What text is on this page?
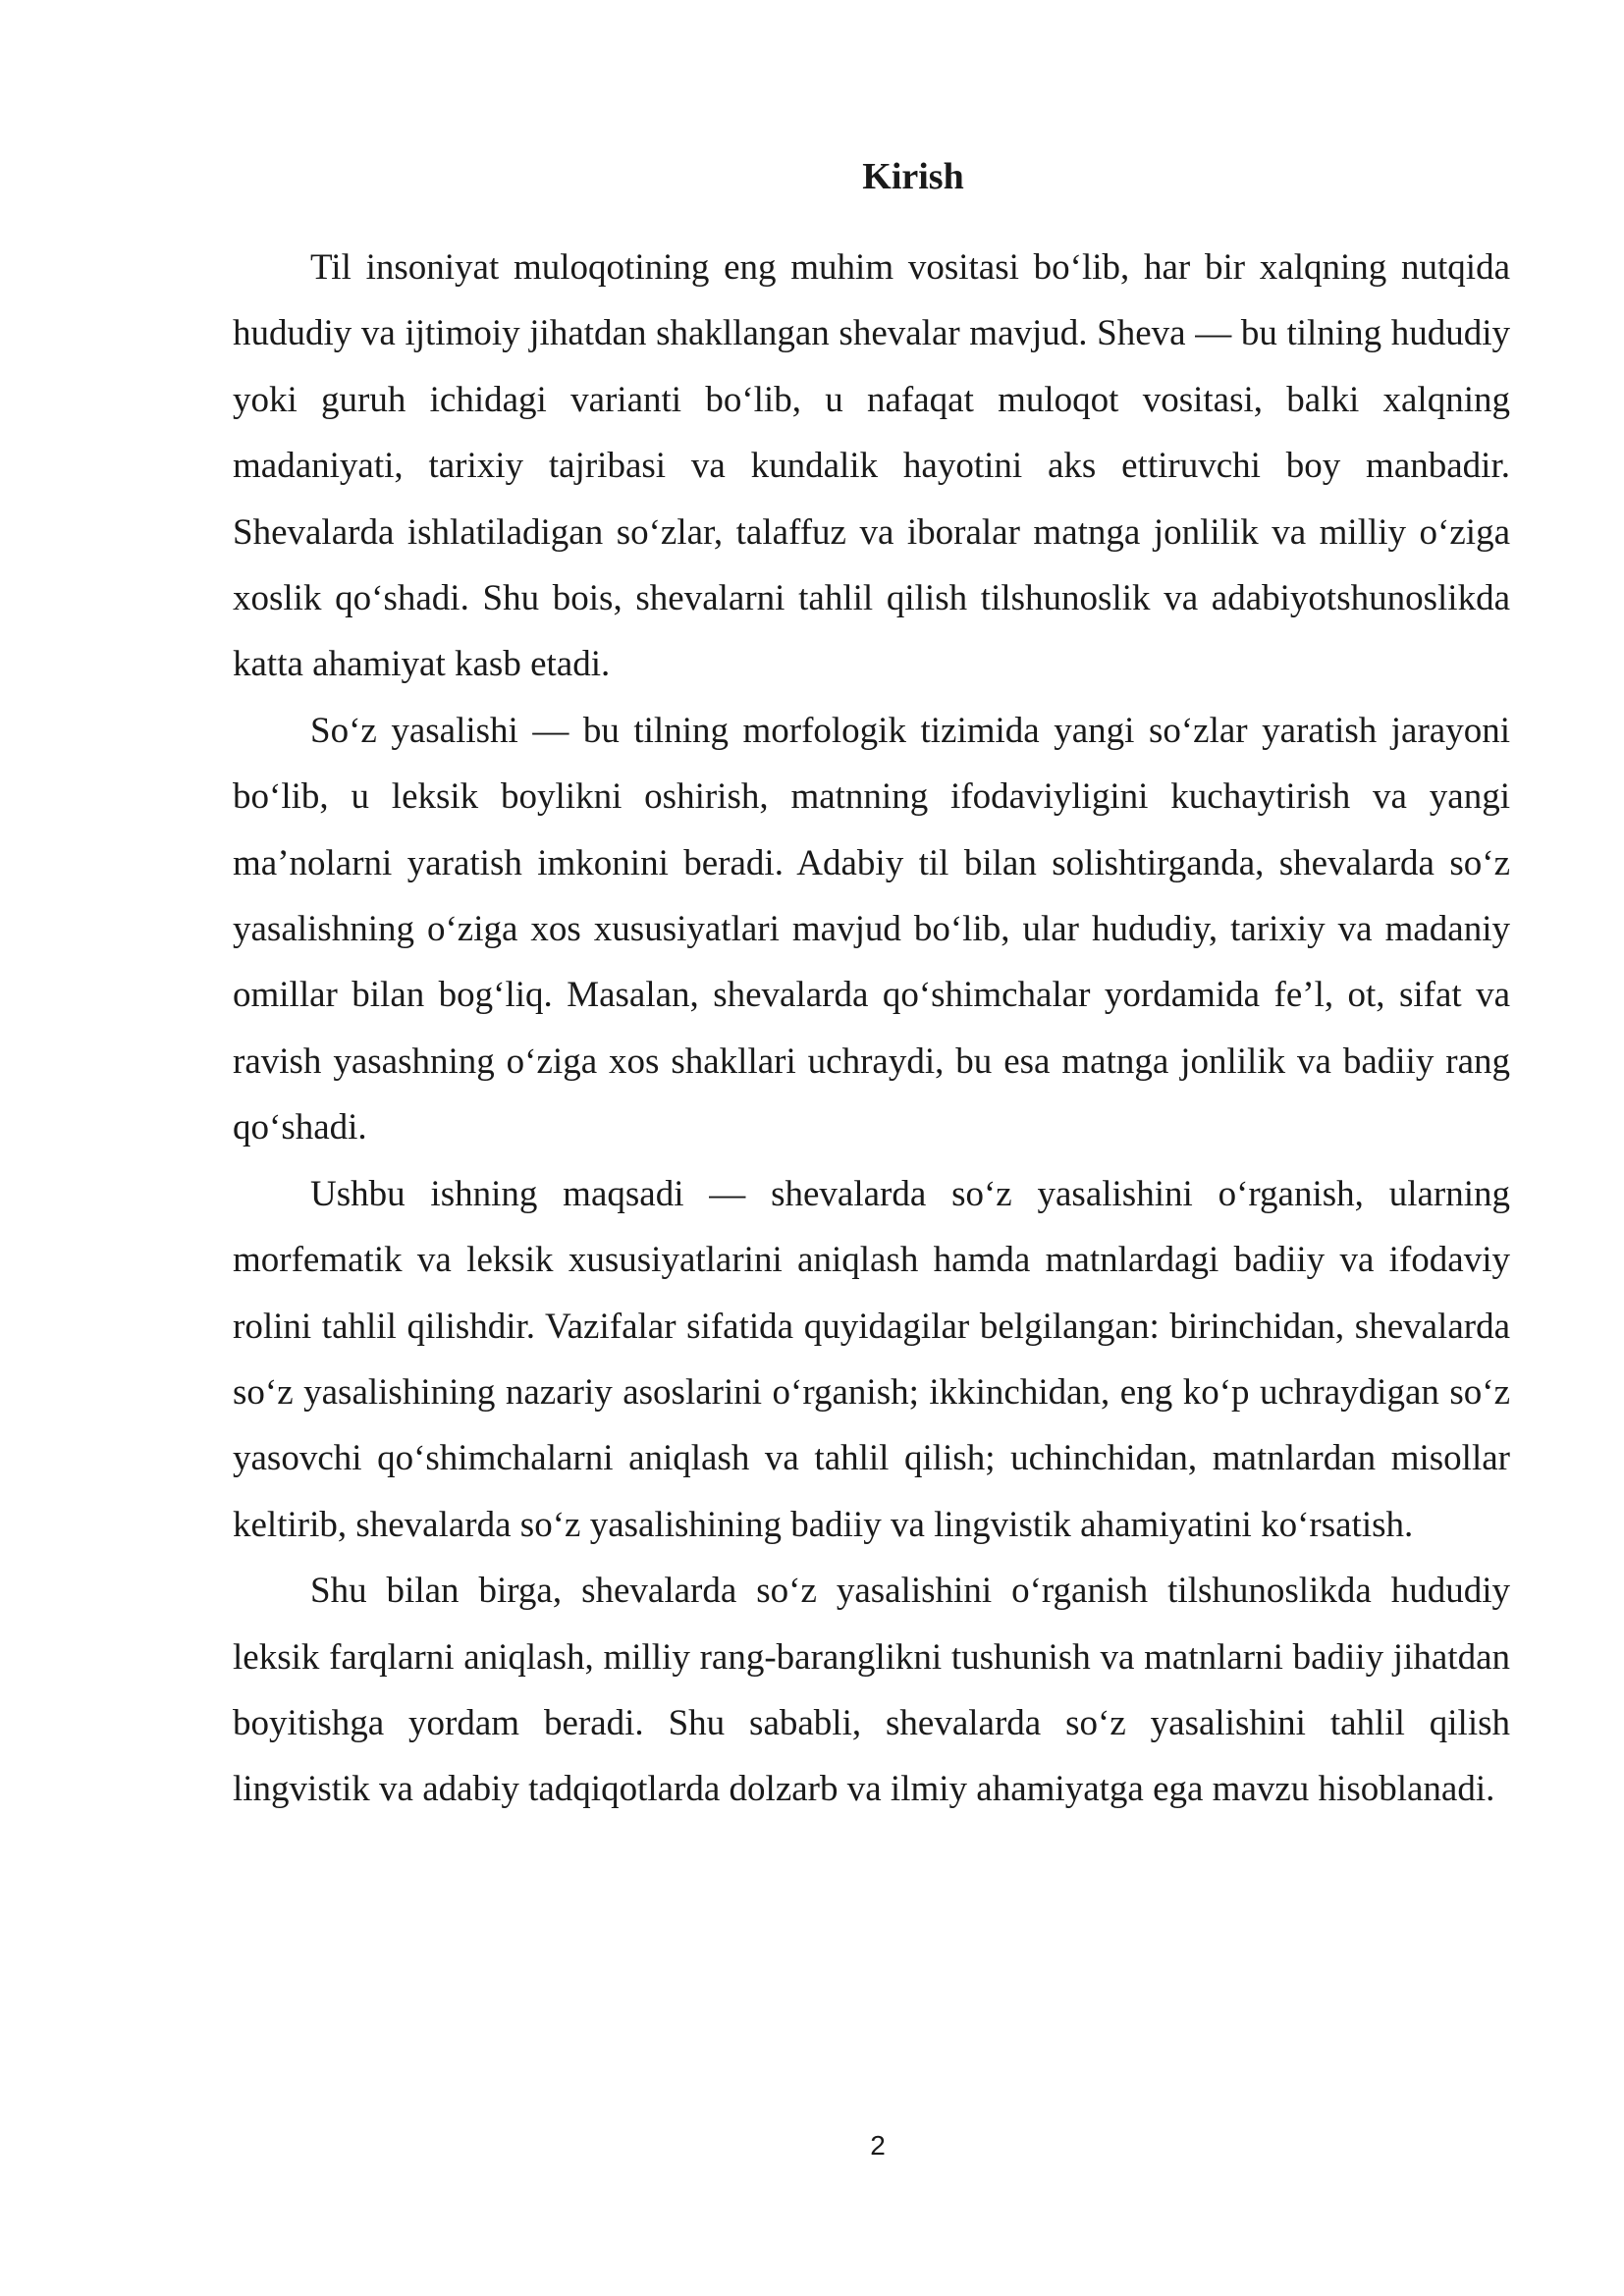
Kirish

Til insoniyat muloqotining eng muhim vositasi bo‘lib, har bir xalqning nutqida hududiy va ijtimoiy jihatdan shakllangan shevalar mavjud. Sheva — bu tilning hududiy yoki guruh ichidagi varianti bo‘lib, u nafaqat muloqot vositasi, balki xalqning madaniyati, tarixiy tajribasi va kundalik hayotini aks ettiruvchi boy manbadir. Shevalarda ishlatiladigan so‘zlar, talaffuz va iboralar matnga jonlilik va milliy o‘ziga xoslik qo‘shadi. Shu bois, shevalarni tahlil qilish tilshunoslik va adabiyotshunoslikda katta ahamiyat kasb etadi.

So‘z yasalishi — bu tilning morfologik tizimida yangi so‘zlar yaratish jarayoni bo‘lib, u leksik boylikni oshirish, matnning ifodaviyligini kuchaytirish va yangi ma’nolarni yaratish imkonini beradi. Adabiy til bilan solishtirganda, shevalarda so‘z yasalishning o‘ziga xos xususiyatlari mavjud bo‘lib, ular hududiy, tarixiy va madaniy omillar bilan bog‘liq. Masalan, shevalarda qo‘shimchalar yordamida fe’l, ot, sifat va ravish yasashning o‘ziga xos shakllari uchraydi, bu esa matnga jonlilik va badiiy rang qo‘shadi.

Ushbu ishning maqsadi — shevalarda so‘z yasalishini o‘rganish, ularning morfematik va leksik xususiyatlarini aniqlash hamda matnlardagi badiiy va ifodaviy rolini tahlil qilishdir. Vazifalar sifatida quyidagilar belgilangan: birinchidan, shevalarda so‘z yasalishining nazariy asoslarini o‘rganish; ikkinchidan, eng ko‘p uchraydigan so‘z yasovchi qo‘shimchalarni aniqlash va tahlil qilish; uchinchidan, matnlardan misollar keltirib, shevalarda so‘z yasalishining badiiy va lingvistik ahamiyatini ko‘rsatish.

Shu bilan birga, shevalarda so‘z yasalishini o‘rganish tilshunoslikda hududiy leksik farqlarni aniqlash, milliy rang-baranglikni tushunish va matnlarni badiiy jihatdan boyitishga yordam beradi. Shu sababli, shevalarda so‘z yasalishini tahlil qilish lingvistik va adabiy tadqiqotlarda dolzarb va ilmiy ahamiyatga ega mavzu hisoblanadi.

2
